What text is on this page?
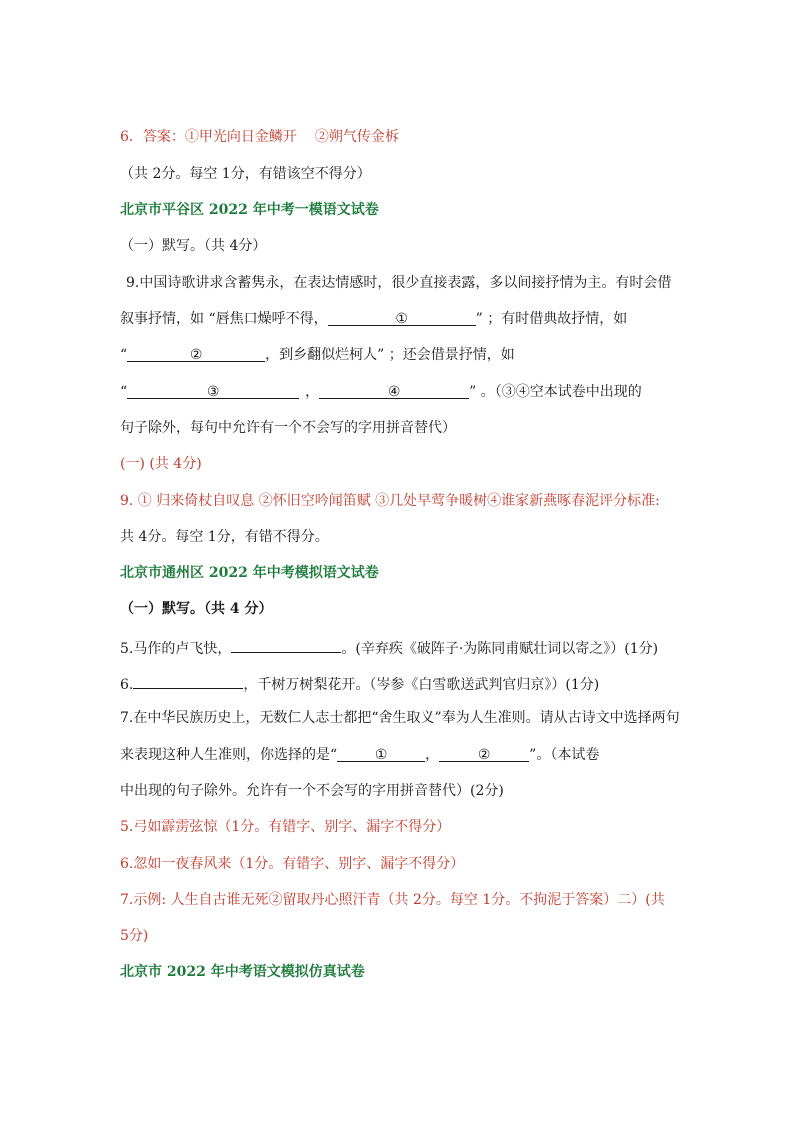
6．答案：①甲光向日金鳞开 ②朔气传金柝
（共 2分。每空 1分，有错该空不得分）
北京市平谷区 2022 年中考一模语文试卷
（一）默写。（共 4分）
9.中国诗歌讲求含蓄隽永，在表达情感时，很少直接表露，多以间接抒情为主。有时会借
叙事抒情，如 “唇焦口燥呼不得，	①	” ；有时借典故抒情，如
“	②	，到乡翻似烂柯人” ；还会借景抒情，如
“	③	，	④	” 。（③④空本试卷中出现的
句子除外，每句中允许有一个不会写的字用拼音替代）
(一) (共 4分)
9. ① 归来倚杖自叹息 ②怀旧空吟闻笛赋 ③几处早莺争暖树④谁家新燕啄春泥评分标准:
共 4分。每空 1分，有错不得分。
北京市通州区 2022 年中考模拟语文试卷
（一）默写。（共 4 分）
5.马作的卢飞快，	。(辛弃疾《破阵子·为陈同甫赋壮词以寄之》）(1分)
6.	，千树万树梨花开。（岑参《白雪歌送武判官归京》）(1分)
7.在中华民族历史上，无数仁人志士都把“舍生取义”奉为人生准则。请从古诗文中选择两句
来表现这种人生准则，你选择的是“	①	，	②	”。（本试卷
中出现的句子除外。允许有一个不会写的字用拼音替代）(2分)
5.弓如霹雳弦惊（1分。有错字、别字、漏字不得分）
6.忽如一夜春风来（1分。有错字、别字、漏字不得分）
7.示例: 人生自古谁无死②留取丹心照汗青（共 2分。每空 1分。不拘泥于答案）二）(共
5分)
北京市 2022 年中考语文模拟仿真试卷
